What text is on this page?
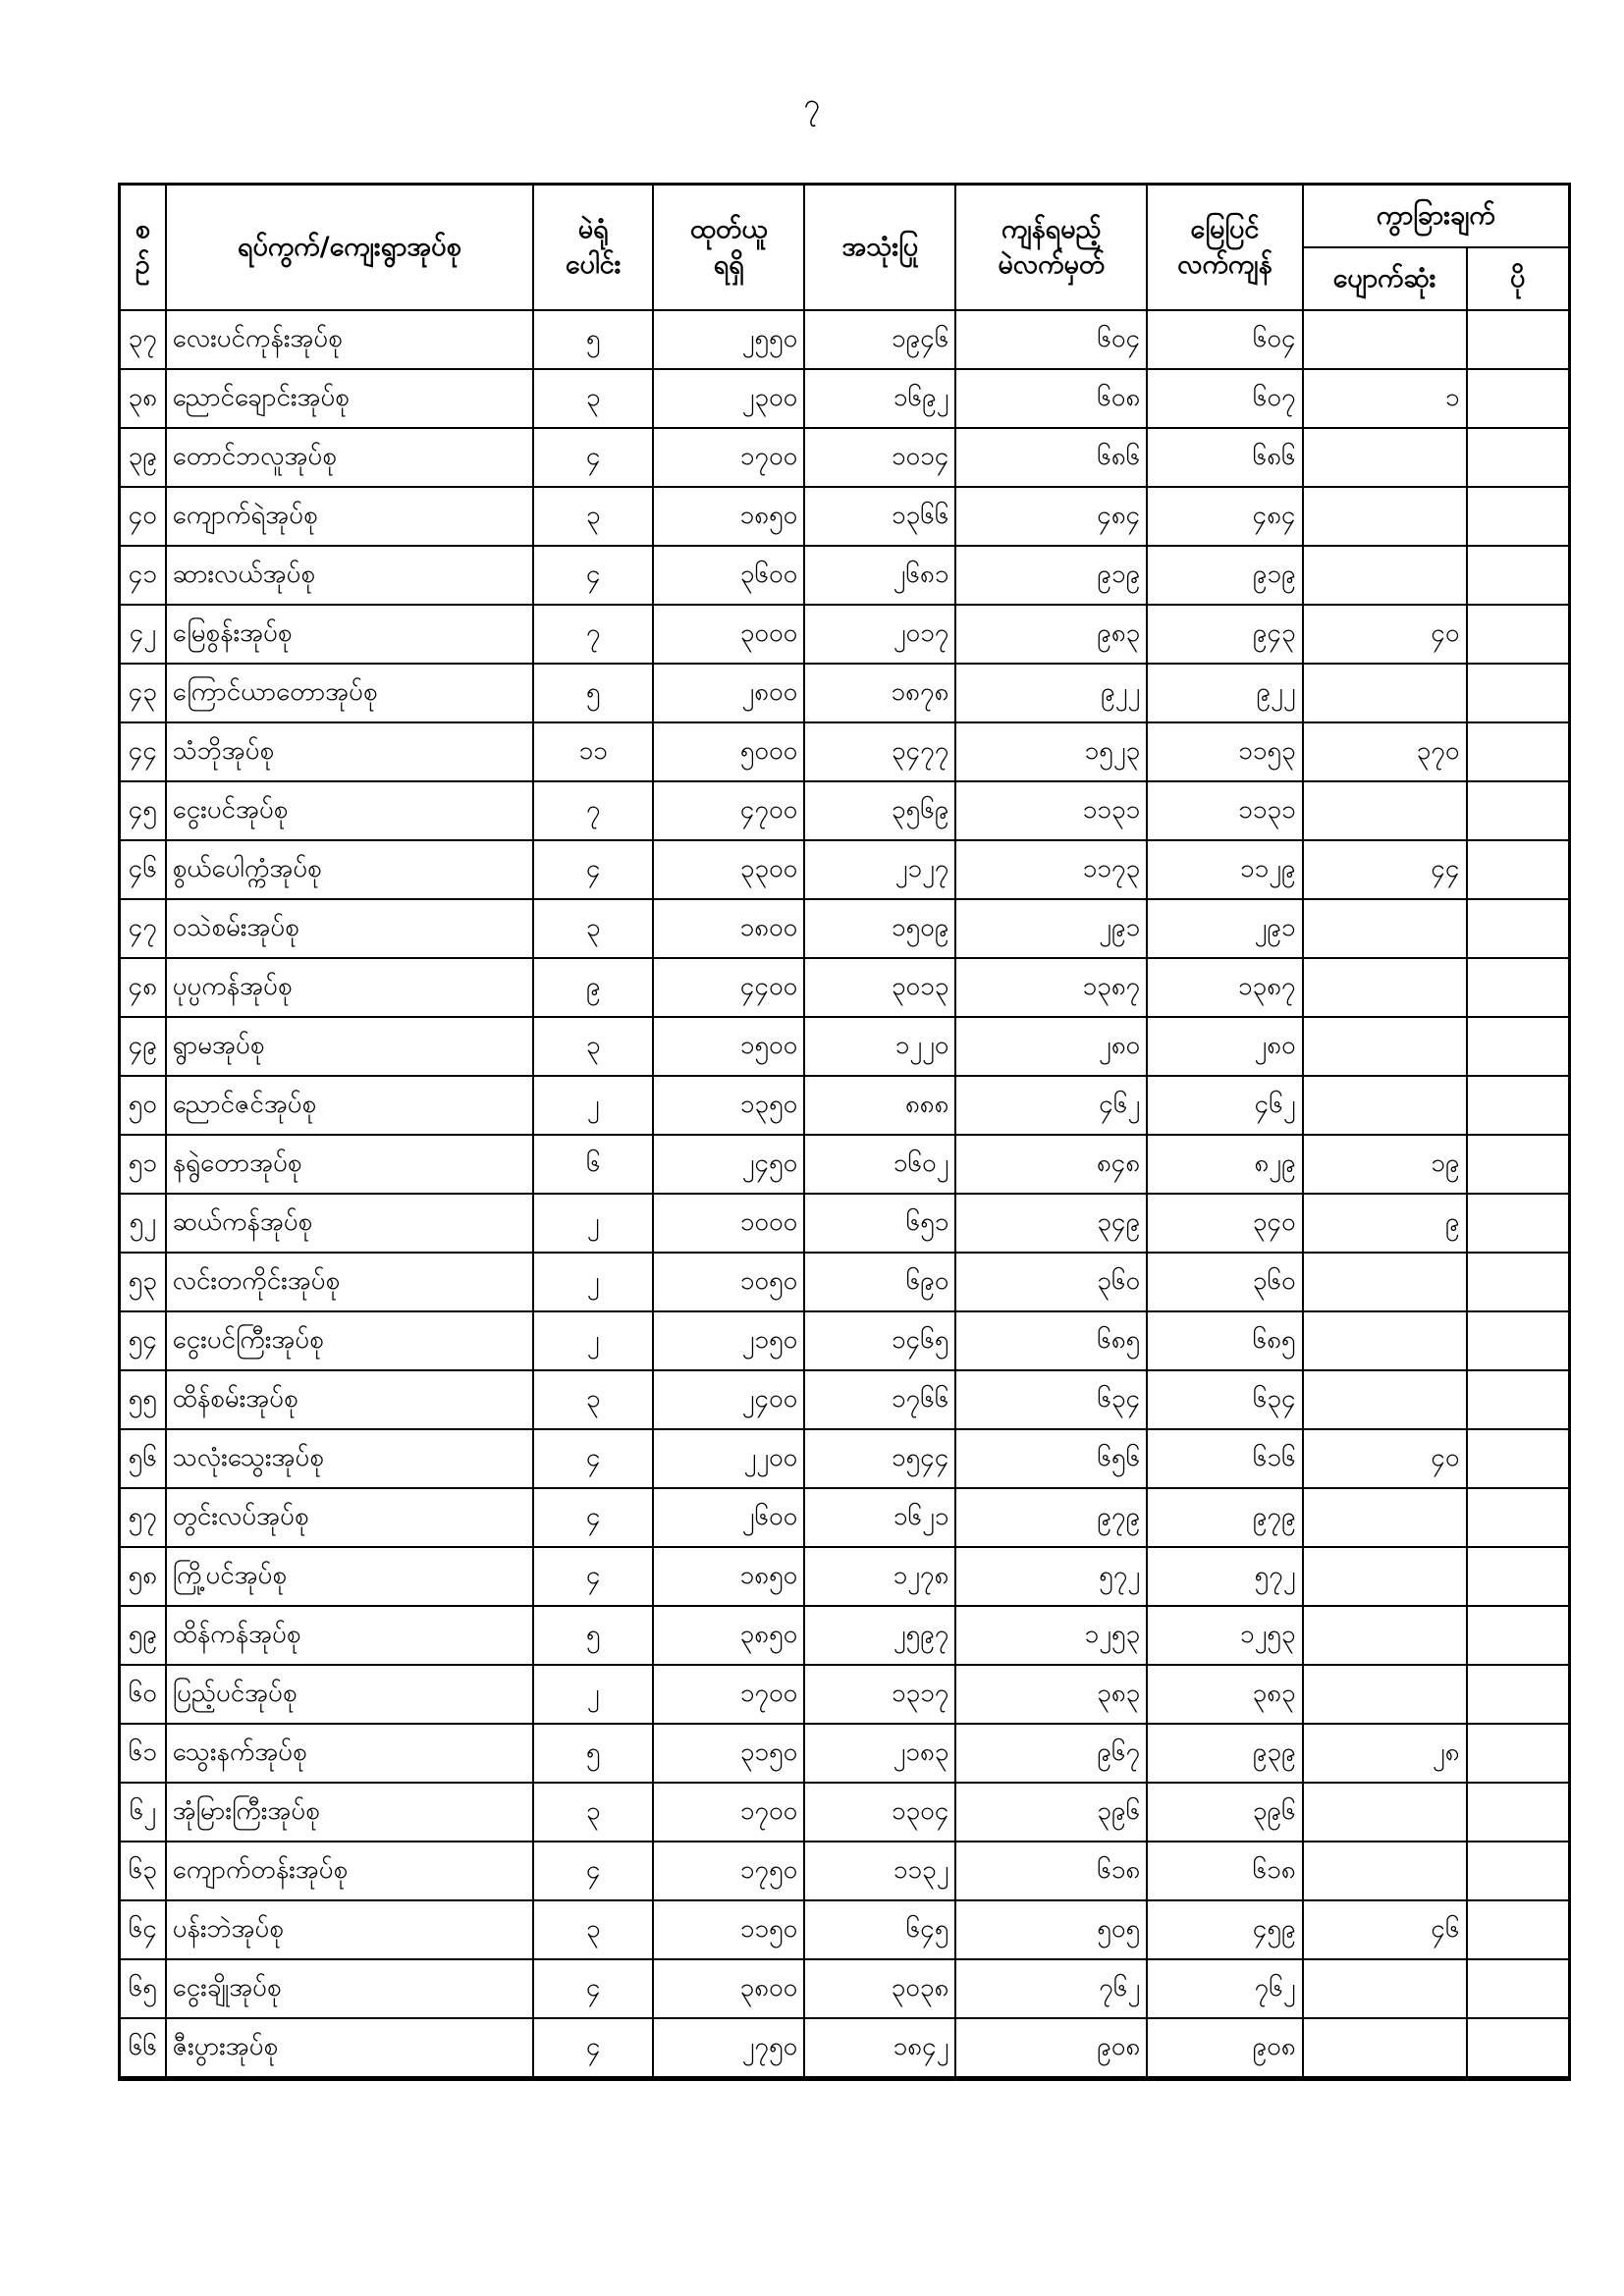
၇
စ
ဉ်	ရပ်ကွက်/ကျေးရွာအုပ်စု	မဲရုံ
ပေါင်း	ထုတ်ယူ
ရရှိ	အသုံးပြု	ကျန်ရမည့်
မဲလက်မှတ်	မြေပြင်
လက်ကျန်	ကွာခြားချက်	
							ပျောက်ဆုံး	ပို
၃၇	လေးပင်ကုန်းအုပ်စု	၅	၂၅၅၀	၁၉၄၆	၆၀၄	၆၀၄		
၃၈	ညောင်ချောင်းအုပ်စု	၃	၂၃၀၀	၁၆၉၂	၆၀၈	၆၀၇	၁	
၃၉	တောင်ဘလူအုပ်စု	၄	၁၇၀၀	၁၀၁၄	၆၈၆	၆၈၆		
၄၀	ကျောက်ရဲအုပ်စု	၃	၁၈၅၀	၁၃၆၆	၄၈၄	၄၈၄		
၄၁	ဆားလယ်အုပ်စု	၄	၃၆၀၀	၂၆၈၁	၉၁၉	၉၁၉		
၄၂	မြေစွန်းအုပ်စု	၇	၃၀၀၀	၂၀၁၇	၉၈၃	၉၄၃	၄၀	
၄၃	ကြောင်ယာတောအုပ်စု	၅	၂၈၀၀	၁၈၇၈	၉၂၂	၉၂၂		
၄၄	သံဘိုအုပ်စု	၁၁	၅၀၀၀	၃၄၇၇	၁၅၂၃	၁၁၅၃	၃၇၀	
၄၅	ငွေးပင်အုပ်စု	၇	၄၇၀၀	၃၅၆၉	၁၁၃၁	၁၁၃၁		
၄၆	စွယ်ပေါက္ကံအုပ်စု	၄	၃၃၀၀	၂၁၂၇	၁၁၇၃	၁၁၂၉	၄၄	
၄၇	ဝသဲစမ်းအုပ်စု	၃	၁၈၀၀	၁၅၀၉	၂၉၁	၂၉၁		
၄၈	ပုပ္ပကန်အုပ်စု	၉	၄၄၀၀	၃၀၁၃	၁၃၈၇	၁၃၈၇		
၄၉	ရွာမအုပ်စု	၃	၁၅၀၀	၁၂၂၀	၂၈၀	၂၈၀		
၅၀	ညောင်ဇင်အုပ်စု	၂	၁၃၅၀	၈၈၈	၄၆၂	၄၆၂		
၅၁	နရွဲတောအုပ်စု	၆	၂၄၅၀	၁၆၀၂	၈၄၈	၈၂၉	၁၉	
၅၂	ဆယ်ကန်အုပ်စု	၂	၁၀၀၀	၆၅၁	၃၄၉	၃၄၀	၉	
၅၃	လင်းတကိုင်းအုပ်စု	၂	၁၀၅၀	၆၉၀	၃၆၀	၃၆၀		
၅၄	ငွေးပင်ကြီးအုပ်စု	၂	၂၁၅၀	၁၄၆၅	၆၈၅	၆၈၅		
၅၅	ထိန်စမ်းအုပ်စု	၃	၂၄၀၀	၁၇၆၆	၆၃၄	၆၃၄		
၅၆	သလုံးသွေးအုပ်စု	၄	၂၂၀၀	၁၅၄၄	၆၅၆	၆၁၆	၄၀	
၅၇	တွင်းလပ်အုပ်စု	၄	၂၆၀၀	၁၆၂၁	၉၇၉	၉၇၉		
၅၈	ကြို့ပင်အုပ်စု	၄	၁၈၅၀	၁၂၇၈	၅၇၂	၅၇၂		
၅၉	ထိန်ကန်အုပ်စု	၅	၃၈၅၀	၂၅၉၇	၁၂၅၃	၁၂၅၃		
၆၀	ပြည့်ပင်အုပ်စု	၂	၁၇၀၀	၁၃၁၇	၃၈၃	၃၈၃		
၆၁	သွေးနက်အုပ်စု	၅	၃၁၅၀	၂၁၈၃	၉၆၇	၉၃၉	၂၈	
၆၂	အုံမြားကြီးအုပ်စု	၃	၁၇၀၀	၁၃၀၄	၃၉၆	၃၉၆		
၆၃	ကျောက်တန်းအုပ်စု	၄	၁၇၅၀	၁၁၃၂	၆၁၈	၆၁၈		
၆၄	ပန်းဘဲအုပ်စု	၃	၁၁၅၀	၆၄၅	၅၀၅	၄၅၉	၄၆	
၆၅	ငွေးချိုအုပ်စု	၄	၃၈၀၀	၃၀၃၈	၇၆၂	၇၆၂		
၆၆	ဇီးပွားအုပ်စု	၄	၂၇၅၀	၁၈၄၂	၉၀၈	၉၀၈		
